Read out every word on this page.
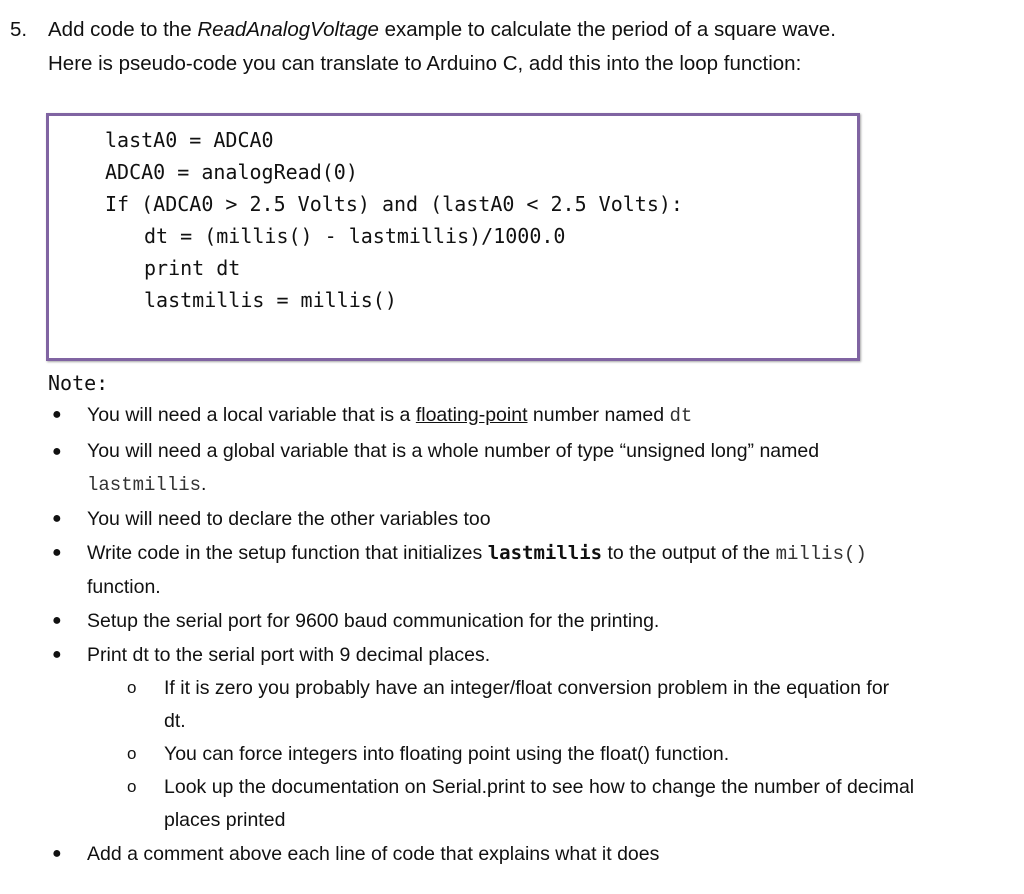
5. Add code to the ReadAnalogVoltage example to calculate the period of a square wave.
Here is pseudo-code you can translate to Arduino C, add this into the loop function:
lastA0 = ADCA0
ADCA0 = analogRead(0)
If (ADCA0 > 2.5 Volts) and (lastA0 < 2.5 Volts):
dt = (millis() - lastmillis)/1000.0
print dt
lastmillis = millis()
Note:
● You will need a local variable that is a floating-point number named dt
● You will need a global variable that is a whole number of type “unsigned long” named
lastmillis.
● You will need to declare the other variables too
● Write code in the setup function that initializes lastmillis to the output of the millis()
function.
● Setup the serial port for 9600 baud communication for the printing.
● Print dt to the serial port with 9 decimal places.
o If it is zero you probably have an integer/float conversion problem in the equation for
dt.
o You can force integers into floating point using the float() function.
o Look up the documentation on Serial.print to see how to change the number of decimal
places printed
● Add a comment above each line of code that explains what it does
